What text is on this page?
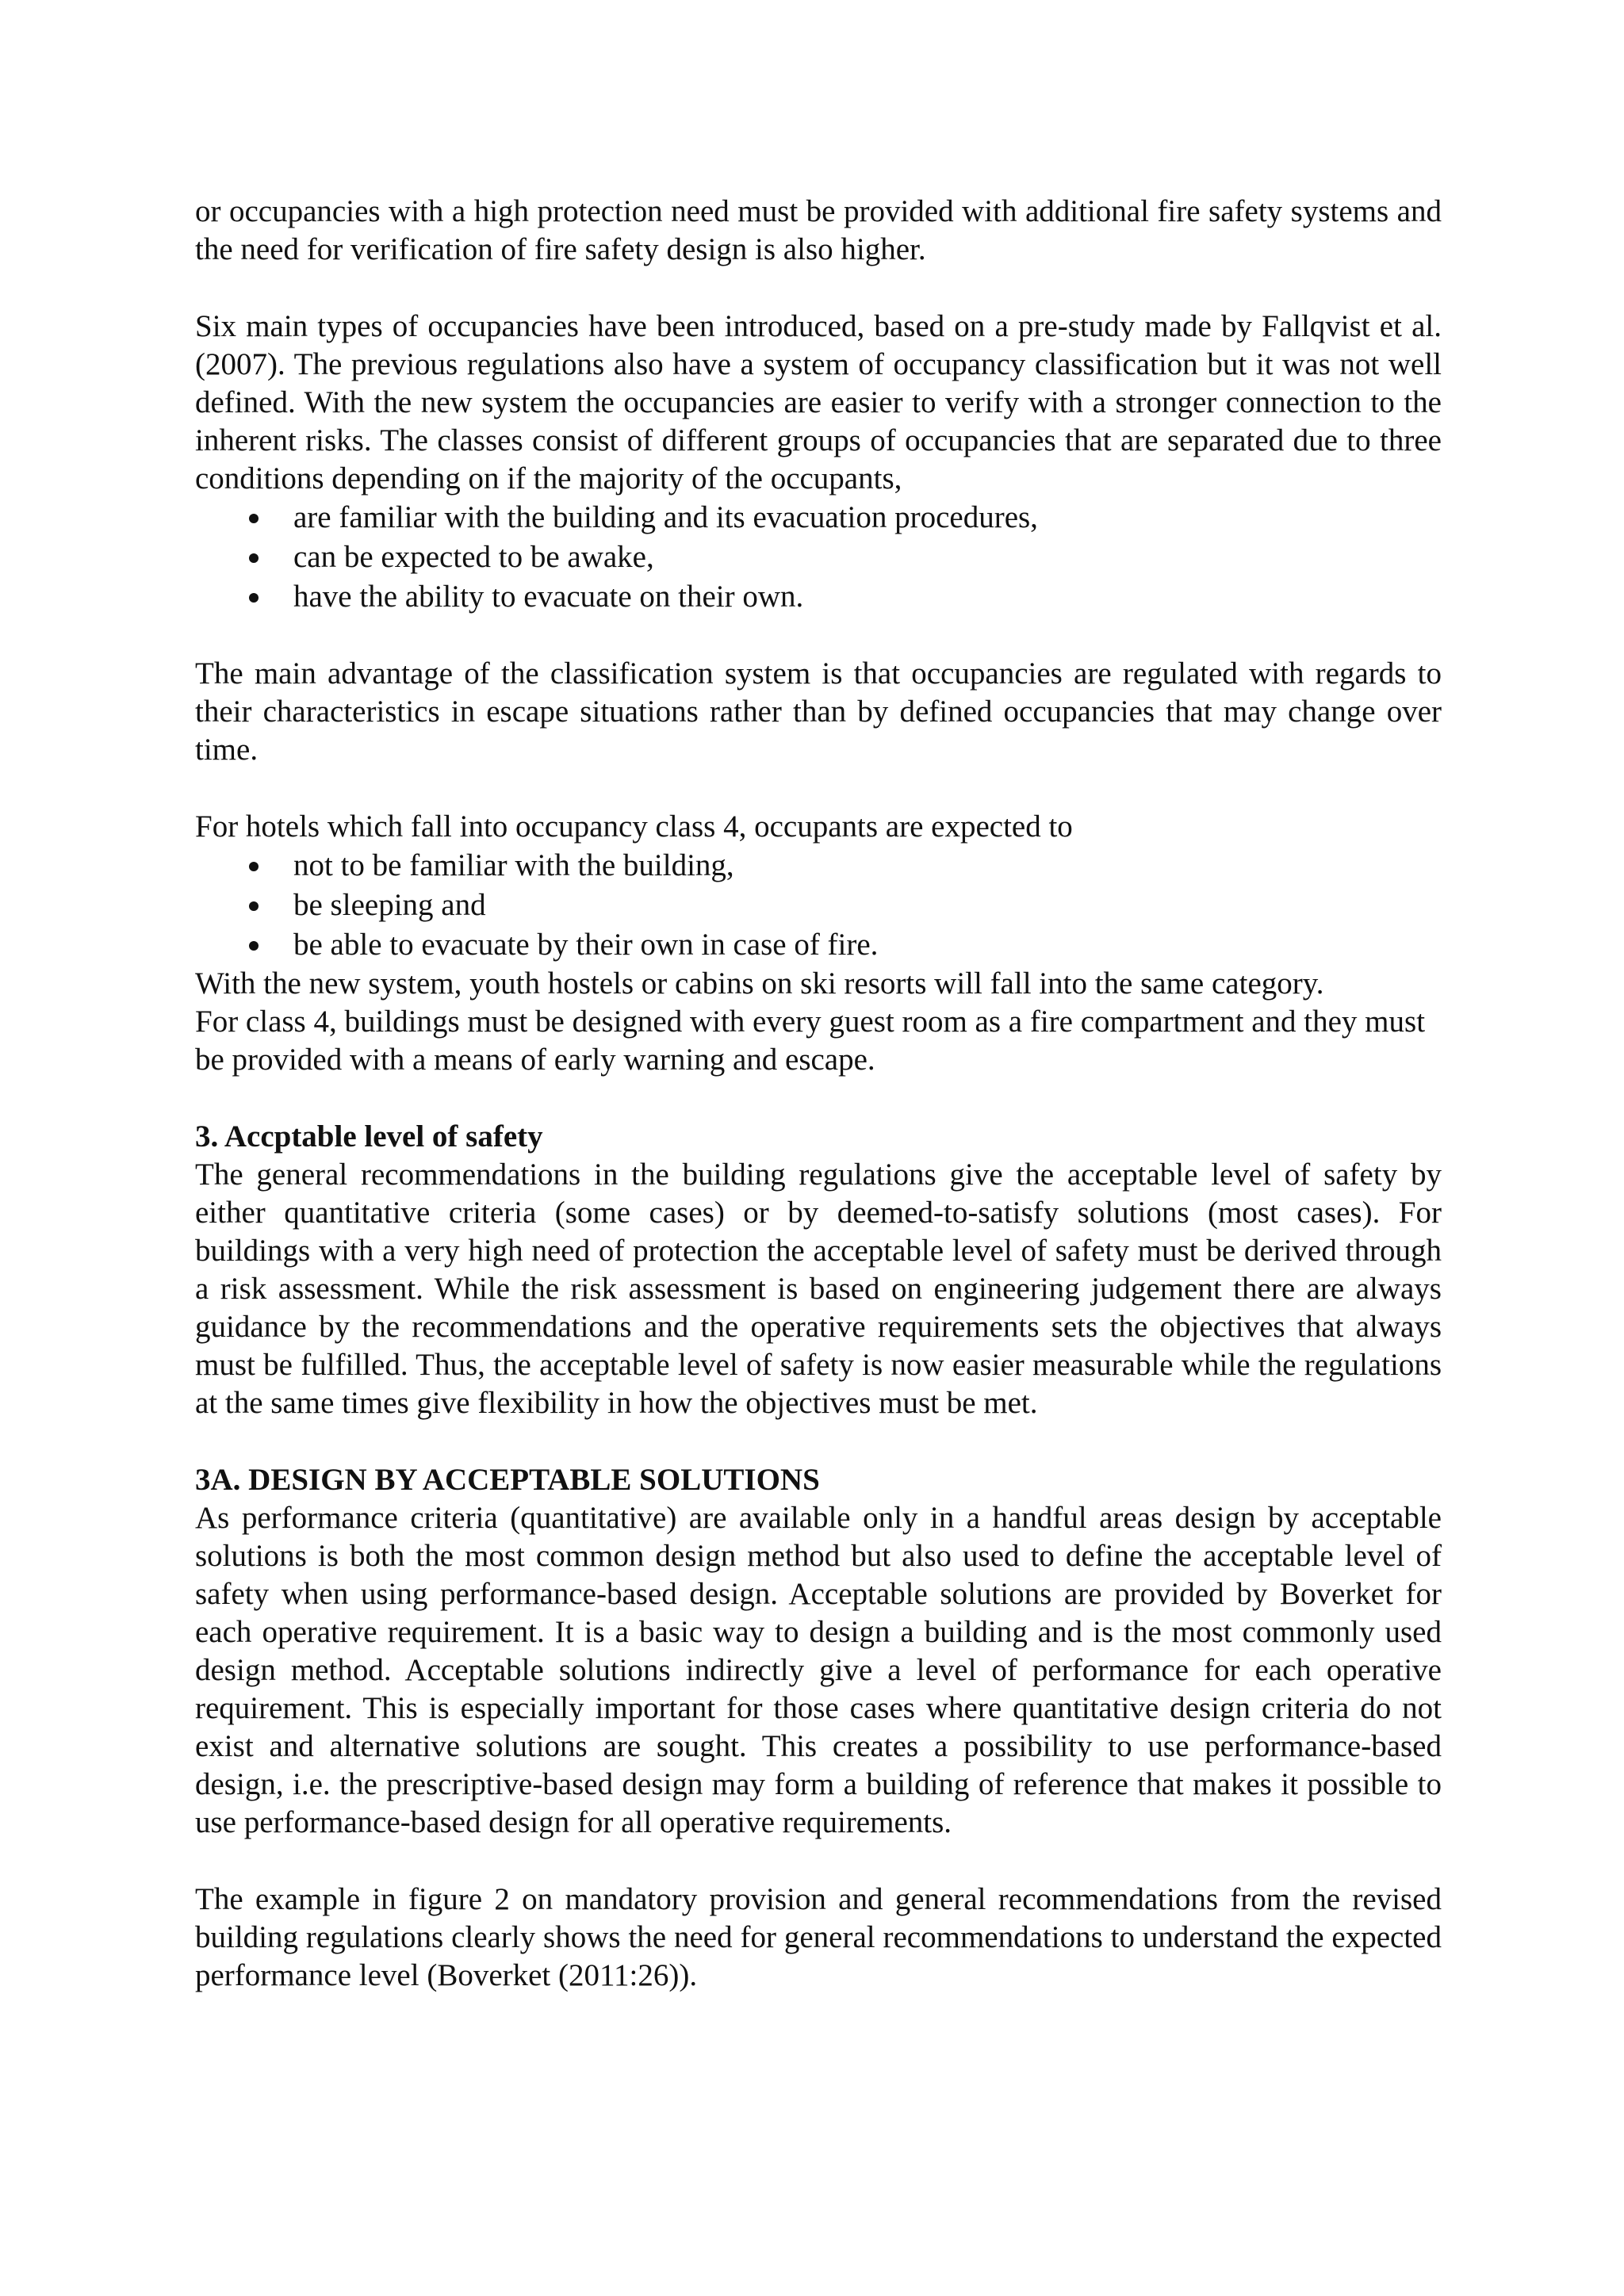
or occupancies with a high protection need must be provided with additional fire safety systems and the need for verification of fire safety design is also higher.

Six main types of occupancies have been introduced, based on a pre-study made by Fallqvist et al. (2007). The previous regulations also have a system of occupancy classification but it was not well defined. With the new system the occupancies are easier to verify with a stronger connection to the inherent risks. The classes consist of different groups of occupancies that are separated due to three conditions depending on if the majority of the occupants,

are familiar with the building and its evacuation procedures,
can be expected to be awake,
have the ability to evacuate on their own.

The main advantage of the classification system is that occupancies are regulated with regards to their characteristics in escape situations rather than by defined occupancies that may change over time.

For hotels which fall into occupancy class 4, occupants are expected to

not to be familiar with the building,
be sleeping and
be able to evacuate by their own in case of fire.

With the new system, youth hostels or cabins on ski resorts will fall into the same category.

For class 4, buildings must be designed with every guest room as a fire compartment and they must be provided with a means of early warning and escape.

3. Accptable level of safety

The general recommendations in the building regulations give the acceptable level of safety by either quantitative criteria (some cases) or by deemed-to-satisfy solutions (most cases). For buildings with a very high need of protection the acceptable level of safety must be derived through a risk assessment. While the risk assessment is based on engineering judgement there are always guidance by the recommendations and the operative requirements sets the objectives that always must be fulfilled. Thus, the acceptable level of safety is now easier measurable while the regulations at the same times give flexibility in how the objectives must be met.

3A. DESIGN BY ACCEPTABLE SOLUTIONS

As performance criteria (quantitative) are available only in a handful areas design by acceptable solutions is both the most common design method but also used to define the acceptable level of safety when using performance-based design. Acceptable solutions are provided by Boverket for each operative requirement. It is a basic way to design a building and is the most commonly used design method. Acceptable solutions indirectly give a level of performance for each operative requirement. This is especially important for those cases where quantitative design criteria do not exist and alternative solutions are sought. This creates a possibility to use performance-based design, i.e. the prescriptive-based design may form a building of reference that makes it possible to use performance-based design for all operative requirements.

The example in figure 2 on mandatory provision and general recommendations from the revised building regulations clearly shows the need for general recommendations to understand the expected performance level (Boverket (2011:26)).
